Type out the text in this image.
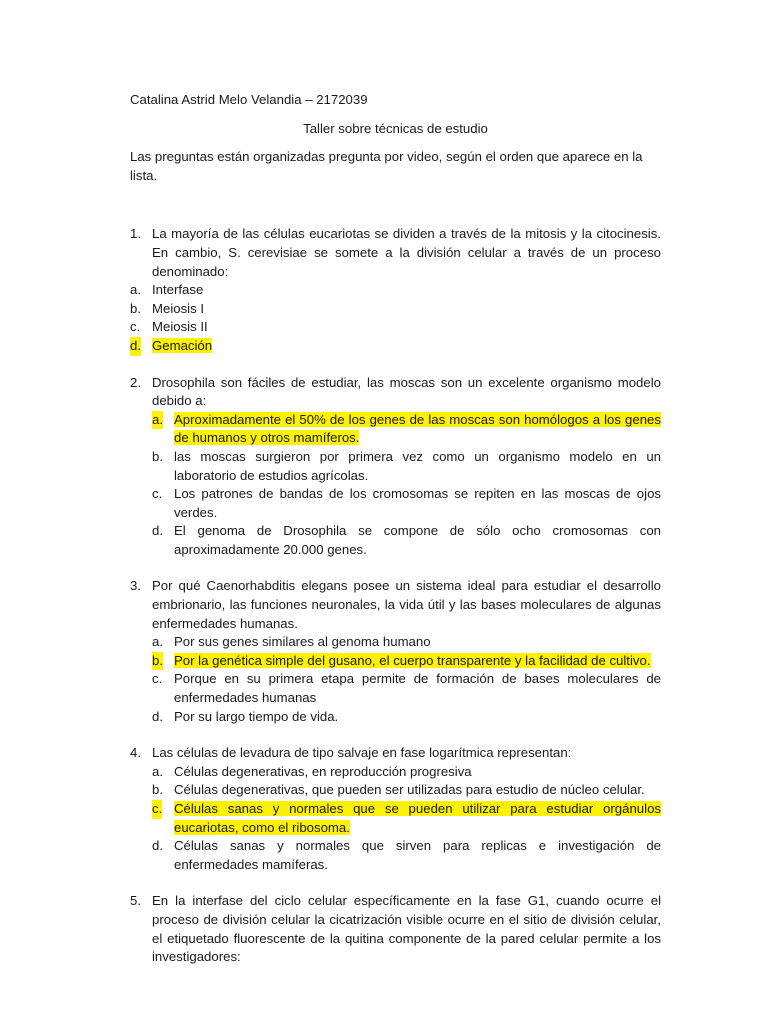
Catalina Astrid Melo Velandia – 2172039

Taller sobre técnicas de estudio

Las preguntas están organizadas pregunta por video, según el orden que aparece en la lista.

1. La mayoría de las células eucariotas se dividen a través de la mitosis y la citocinesis. En cambio, S. cerevisiae se somete a la división celular a través de un proceso denominado:
a. Interfase
b. Meiosis I
c. Meiosis II
d. Gemación
2. Drosophila son fáciles de estudiar, las moscas son un excelente organismo modelo debido a:
a. Aproximadamente el 50% de los genes de las moscas son homólogos a los genes de humanos y otros mamíferos.
b. las moscas surgieron por primera vez como un organismo modelo en un laboratorio de estudios agrícolas.
c. Los patrones de bandas de los cromosomas se repiten en las moscas de ojos verdes.
d. El genoma de Drosophila se compone de sólo ocho cromosomas con aproximadamente 20.000 genes.
3. Por qué Caenorhabditis elegans posee un sistema ideal para estudiar el desarrollo embrionario, las funciones neuronales, la vida útil y las bases moleculares de algunas enfermedades humanas.
a. Por sus genes similares al genoma humano
b. Por la genética simple del gusano, el cuerpo transparente y la facilidad de cultivo.
c. Porque en su primera etapa permite de formación de bases moleculares de enfermedades humanas
d. Por su largo tiempo de vida.
4. Las células de levadura de tipo salvaje en fase logarítmica representan:
a. Células degenerativas, en reproducción progresiva
b. Células degenerativas, que pueden ser utilizadas para estudio de núcleo celular.
c. Células sanas y normales que se pueden utilizar para estudiar orgánulos eucariotas, como el ribosoma.
d. Células sanas y normales que sirven para replicas e investigación de enfermedades mamíferas.
5. En la interfase del ciclo celular específicamente en la fase G1, cuando ocurre el proceso de división celular la cicatrización visible ocurre en el sitio de división celular, el etiquetado fluorescente de la quitina componente de la pared celular permite a los investigadores:
